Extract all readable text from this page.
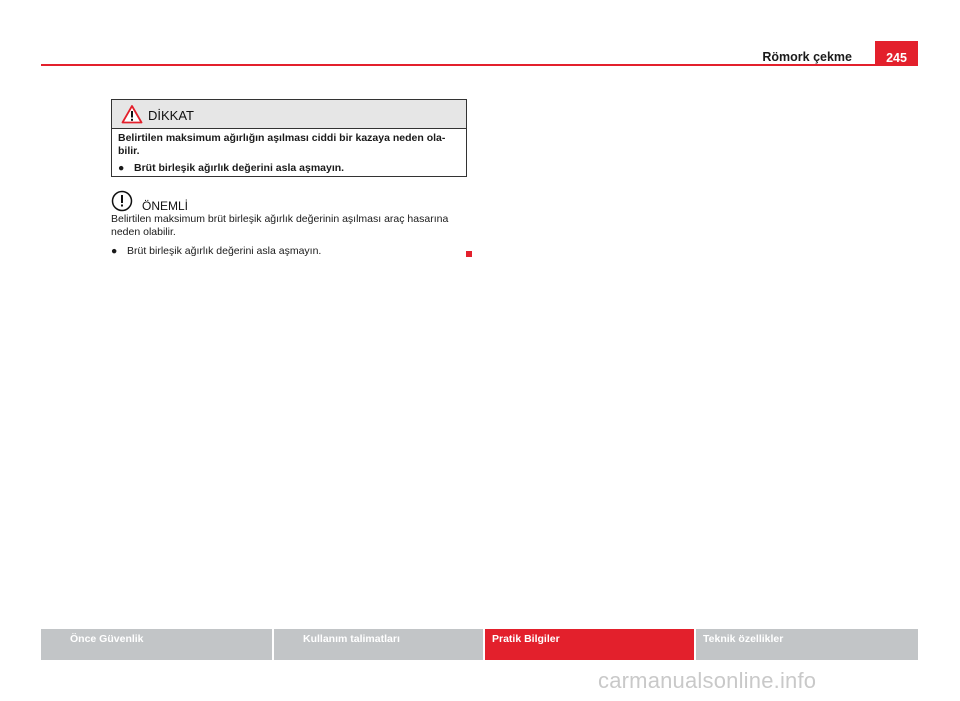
Römork çekme	245
DİKKAT

Belirtilen maksimum ağırlığın aşılması ciddi bir kazaya neden ola-bilir.

● Brüt birleşik ağırlık değerini asla aşmayın.
ÖNEMLİ

Belirtilen maksimum brüt birleşik ağırlık değerinin aşılması araç hasarına neden olabilir.

● Brüt birleşik ağırlık değerini asla aşmayın.
Önce Güvenlik	Kullanım talimatları	Pratik Bilgiler	Teknik özellikler
carmanualsonline.info
